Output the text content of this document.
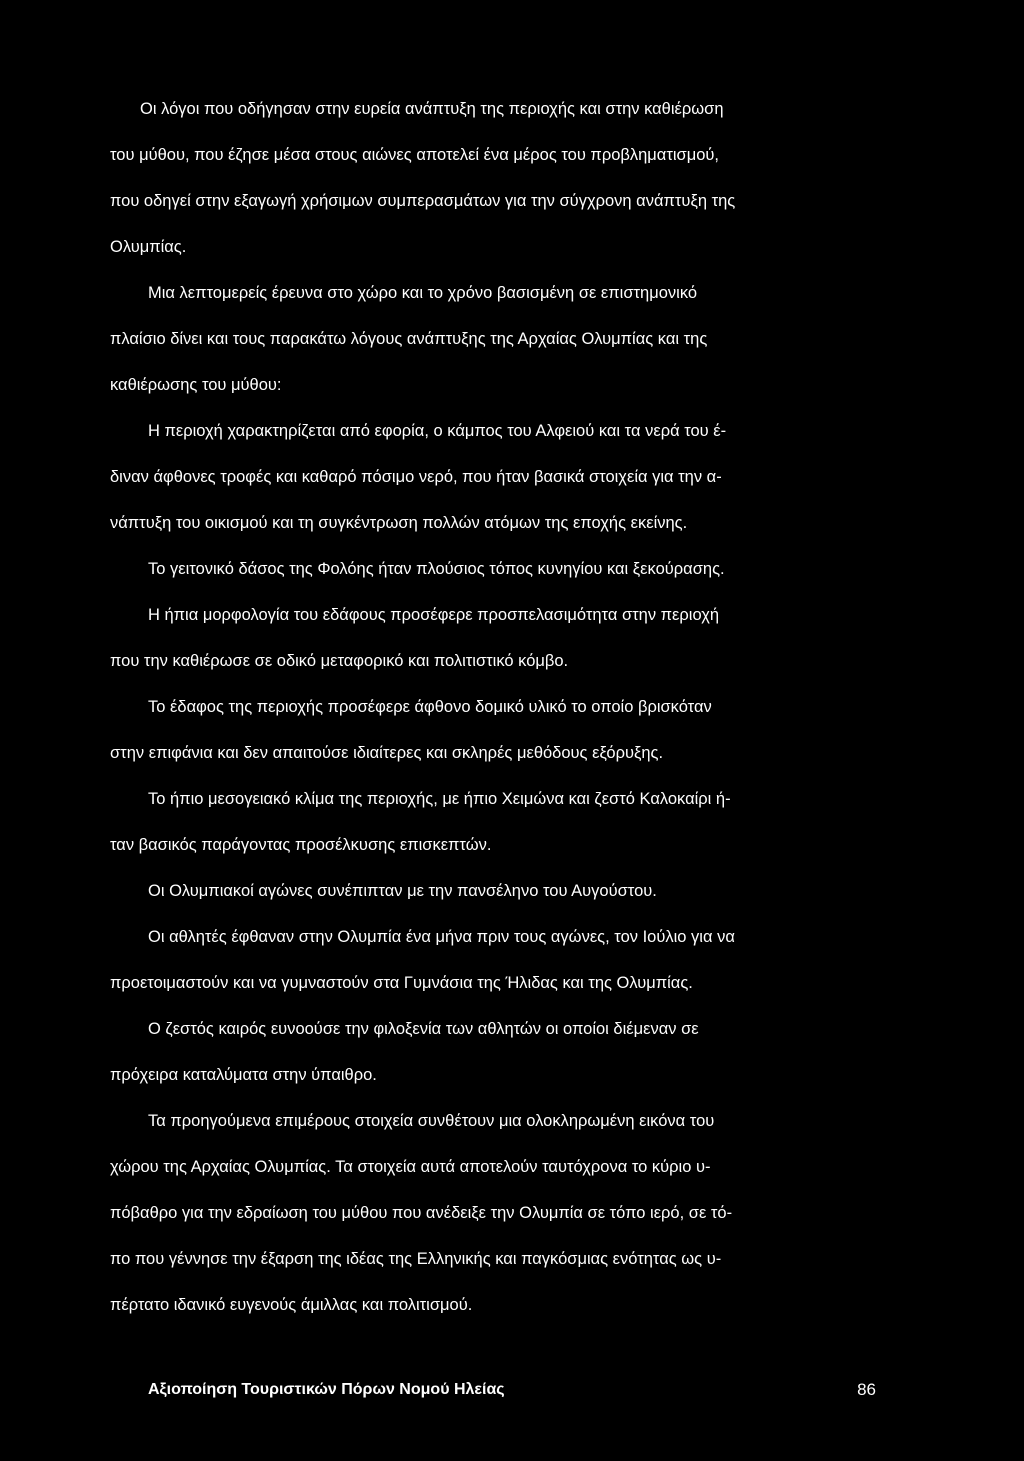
Οι λόγοι που οδήγησαν στην ευρεία ανάπτυξη της περιοχής και στην καθιέρωση
του μύθου, που έζησε μέσα στους αιώνες αποτελεί ένα μέρος του προβληματισμού,
που οδηγεί στην εξαγωγή χρήσιμων συμπερασμάτων για την σύγχρονη ανάπτυξη της
Ολυμπίας.
Μια λεπτομερείς έρευνα στο χώρο και το χρόνο βασισμένη σε επιστημονικό
πλαίσιο δίνει και τους παρακάτω λόγους ανάπτυξης της Αρχαίας Ολυμπίας και της
καθιέρωσης του μύθου:
Η περιοχή χαρακτηρίζεται από εφορία, ο κάμπος του Αλφειού και τα νερά του έ-
διναν άφθονες τροφές και καθαρό πόσιμο νερό, που ήταν βασικά στοιχεία για την α-
νάπτυξη του οικισμού και τη συγκέντρωση πολλών ατόμων της εποχής εκείνης.
Το γειτονικό δάσος της Φολόης ήταν πλούσιος τόπος κυνηγίου και ξεκούρασης.
Η ήπια μορφολογία του εδάφους προσέφερε προσπελασιμότητα στην περιοχή
που την καθιέρωσε σε οδικό μεταφορικό και πολιτιστικό κόμβο.
Το έδαφος της περιοχής προσέφερε άφθονο δομικό υλικό το οποίο βρισκόταν
στην επιφάνια και δεν απαιτούσε ιδιαίτερες και σκληρές μεθόδους εξόρυξης.
Το ήπιο μεσογειακό κλίμα της περιοχής, με ήπιο Χειμώνα και ζεστό Καλοκαίρι ή-
ταν βασικός παράγοντας προσέλκυσης επισκεπτών.
Οι Ολυμπιακοί αγώνες συνέπιπταν με την πανσέληνο του Αυγούστου.
Οι αθλητές έφθαναν στην Ολυμπία ένα μήνα πριν τους αγώνες, τον Ιούλιο για να
προετοιμαστούν και να γυμναστούν στα Γυμνάσια της Ήλιδας και της Ολυμπίας.
Ο ζεστός καιρός ευνοούσε την φιλοξενία των αθλητών οι οποίοι διέμεναν σε
πρόχειρα καταλύματα στην ύπαιθρο.
Τα προηγούμενα επιμέρους στοιχεία συνθέτουν μια ολοκληρωμένη εικόνα του
χώρου της Αρχαίας Ολυμπίας. Τα στοιχεία αυτά αποτελούν ταυτόχρονα το κύριο υ-
πόβαθρο για την εδραίωση του μύθου που ανέδειξε την Ολυμπία σε τόπο ιερό, σε τό-
πο που γέννησε την έξαρση της ιδέας της Ελληνικής και παγκόσμιας ενότητας ως υ-
πέρτατο ιδανικό ευγενούς άμιλλας και πολιτισμού.
Αξιοποίηση Τουριστικών Πόρων Νομού Ηλείας	86
